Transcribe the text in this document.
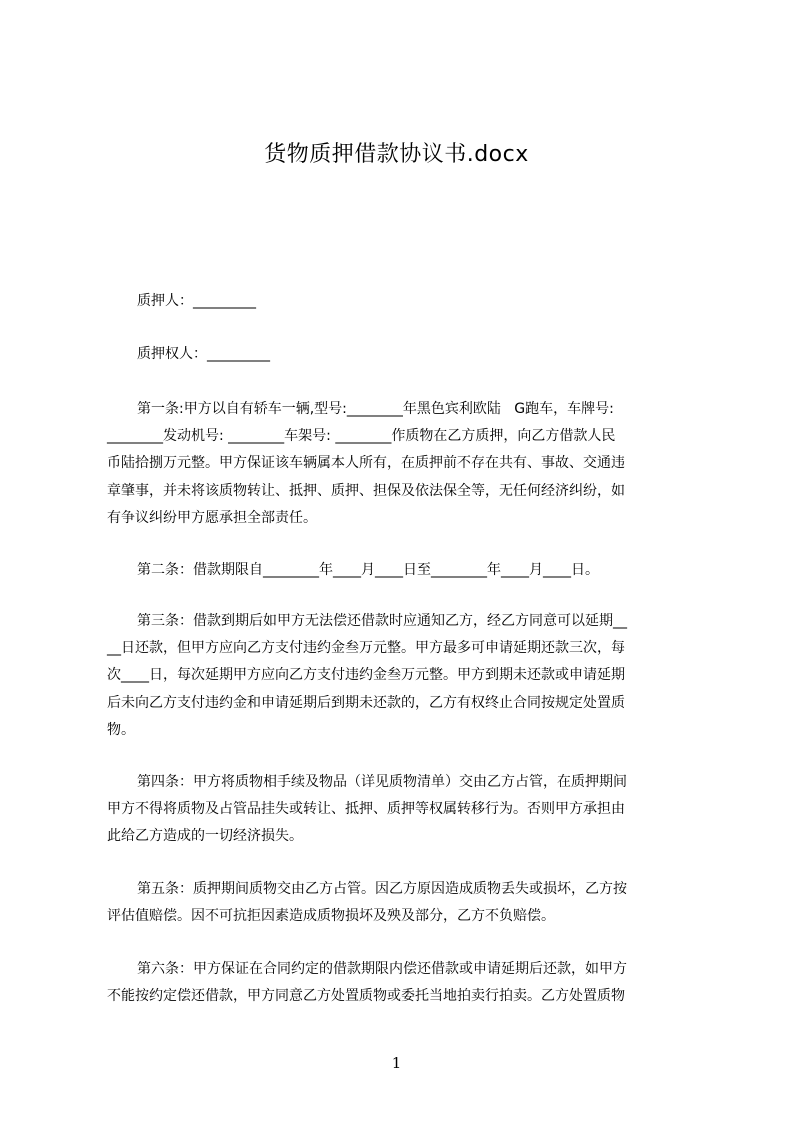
货物质押借款协议书.docx
质押人：_________
质押权人：_________
第一条:甲方以自有轿车一辆,型号:________年黑色宾利欧陆   G跑车，车牌号:
________发动机号: ________车架号: ________作质物在乙方质押，向乙方借款人民
币陆拾捌万元整。甲方保证该车辆属本人所有，在质押前不存在共有、事故、交通违
章肇事，并未将该质物转让、抵押、质押、担保及依法保全等，无任何经济纠纷，如
有争议纠纷甲方愿承担全部责任。
第二条：借款期限自________年____月____日至________年____月____日。
第三条：借款到期后如甲方无法偿还借款时应通知乙方，经乙方同意可以延期__
__日还款，但甲方应向乙方支付违约金叁万元整。甲方最多可申请延期还款三次，每
次____日，每次延期甲方应向乙方支付违约金叁万元整。甲方到期未还款或申请延期
后未向乙方支付违约金和申请延期后到期未还款的，乙方有权终止合同按规定处置质
物。
第四条：甲方将质物相手续及物品（详见质物清单）交由乙方占管，在质押期间
甲方不得将质物及占管品挂失或转让、抵押、质押等权属转移行为。否则甲方承担由
此给乙方造成的一切经济损失。
第五条：质押期间质物交由乙方占管。因乙方原因造成质物丢失或损坏，乙方按
评估值赔偿。因不可抗拒因素造成质物损坏及殃及部分，乙方不负赔偿。
第六条：甲方保证在合同约定的借款期限内偿还借款或申请延期后还款，如甲方
不能按约定偿还借款，甲方同意乙方处置质物或委托当地拍卖行拍卖。乙方处置质物
1
